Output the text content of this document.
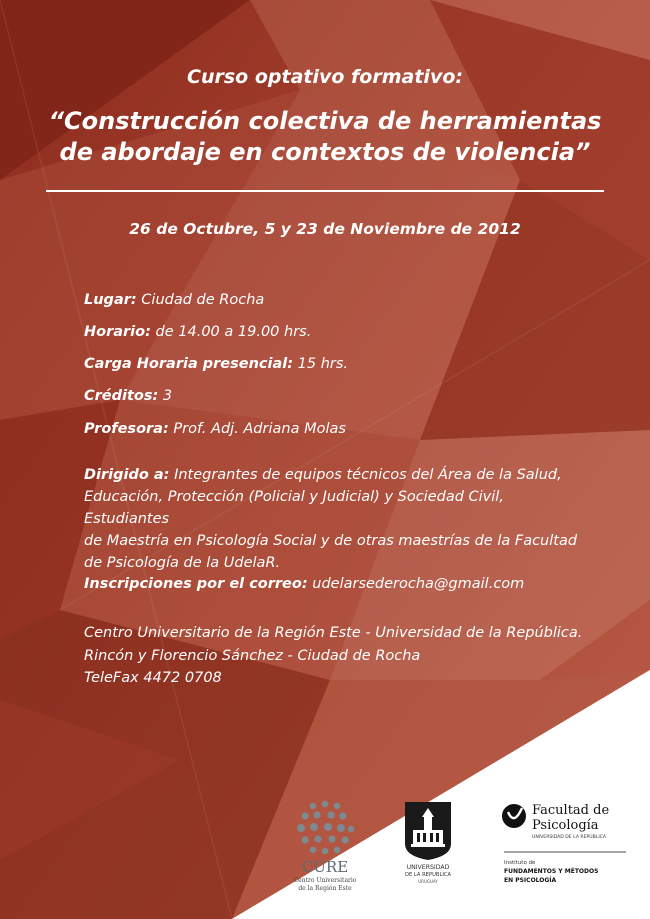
Curso optativo formativo:
“Construcción colectiva de herramientas
de abordaje en contextos de violencia”
26 de Octubre, 5 y 23 de Noviembre de 2012
Lugar: Ciudad de Rocha
Horario: de 14.00 a 19.00 hrs.
Carga Horaria presencial: 15 hrs.
Créditos: 3
Profesora: Prof. Adj. Adriana Molas
Dirigido a: Integrantes de equipos técnicos del Área de la Salud,
Educación, Protección (Policial y Judicial) y Sociedad Civil, Estudiantes
de Maestría en Psicología Social y de otras maestrías de la Facultad
de Psicología de la UdelaR.
Inscripciones por el correo: udelarsederocha@gmail.com
Centro Universitario de la Región Este - Universidad de la República.
Rincón y Florencio Sánchez - Ciudad de Rocha
TeleFax 4472 0708
CURE
Centro Universitario
de la Región Este
UNIVERSIDAD
DE LA REPUBLICA
URUGUAY
Facultad de
Psicología
UNIVERSIDAD DE LA REPÚBLICA
Instituto de
FUNDAMENTOS Y MÉTODOS
EN PSICOLOGÍA
